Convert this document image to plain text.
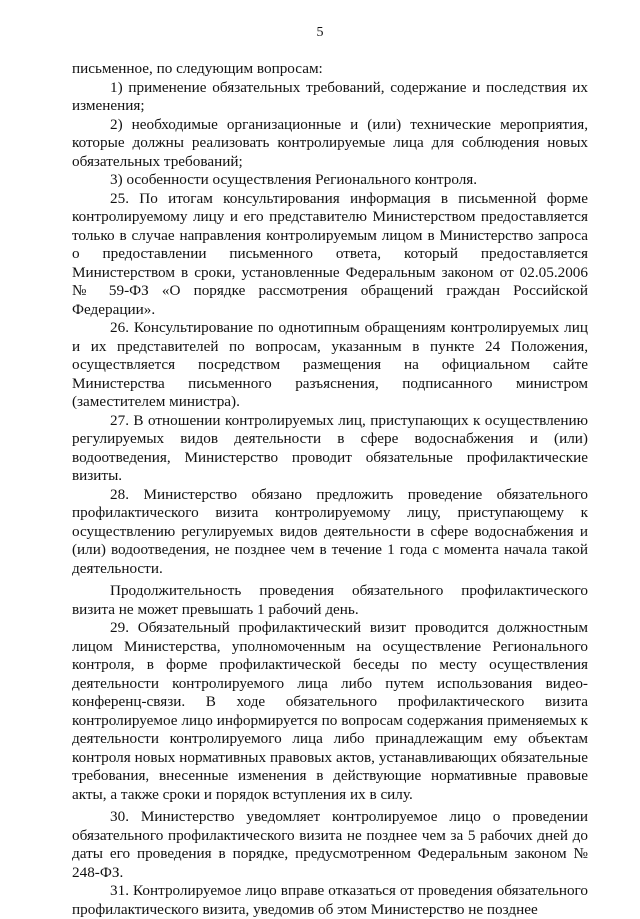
5

письменное, по следующим вопросам:

1) применение обязательных требований, содержание и последствия их изменения;

2) необходимые организационные и (или) технические мероприятия, которые должны реализовать контролируемые лица для соблюдения новых обязательных требований;

3) особенности осуществления Регионального контроля.

25. По итогам консультирования информация в письменной форме контролируемому лицу и его представителю Министерством предоставляется только в случае направления контролируемым лицом в Министерство запроса о предоставлении письменного ответа, который предоставляется Министерством в сроки, установленные Федеральным законом от 02.05.2006 № 59-ФЗ «О порядке рассмотрения обращений граждан Российской Федерации».

26. Консультирование по однотипным обращениям контролируемых лиц и их представителей по вопросам, указанным в пункте 24 Положения, осуществляется посредством размещения на официальном сайте Министерства письменного разъяснения, подписанного министром (заместителем министра).

27. В отношении контролируемых лиц, приступающих к осуществлению регулируемых видов деятельности в сфере водоснабжения и (или) водоотведения, Министерство проводит обязательные профилактические визиты.

28. Министерство обязано предложить проведение обязательного профилактического визита контролируемому лицу, приступающему к осуществлению регулируемых видов деятельности в сфере водоснабжения и (или) водоотведения, не позднее чем в течение 1 года с момента начала такой деятельности.

Продолжительность проведения обязательного профилактического визита не может превышать 1 рабочий день.

29. Обязательный профилактический визит проводится должностным лицом Министерства, уполномоченным на осуществление Регионального контроля, в форме профилактической беседы по месту осуществления деятельности контролируемого лица либо путем использования видео-конференц-связи. В ходе обязательного профилактического визита контролируемое лицо информируется по вопросам содержания применяемых к деятельности контролируемого лица либо принадлежащим ему объектам контроля новых нормативных правовых актов, устанавливающих обязательные требования, внесенные изменения в действующие нормативные правовые акты, а также сроки и порядок вступления их в силу.

30. Министерство уведомляет контролируемое лицо о проведении обязательного профилактического визита не позднее чем за 5 рабочих дней до даты его проведения в порядке, предусмотренном Федеральным законом № 248-ФЗ.

31. Контролируемое лицо вправе отказаться от проведения обязательного профилактического визита, уведомив об этом Министерство не позднее
